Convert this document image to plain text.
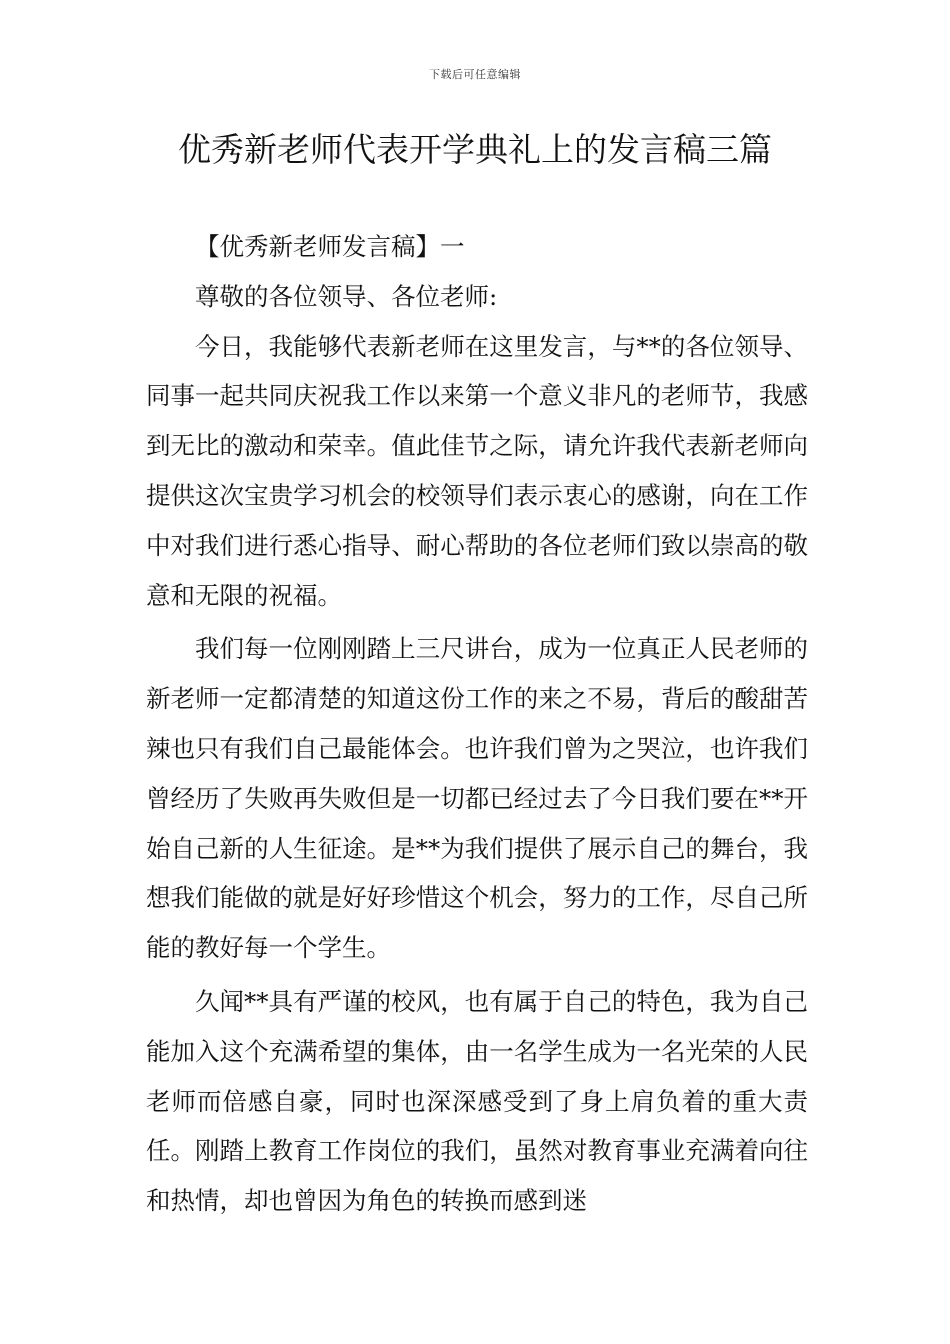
下载后可任意编辑
优秀新老师代表开学典礼上的发言稿三篇

【优秀新老师发言稿】一

尊敬的各位领导、各位老师:

今日，我能够代表新老师在这里发言，与**的各位领导、同事一起共同庆祝我工作以来第一个意义非凡的老师节，我感到无比的激动和荣幸。值此佳节之际，请允许我代表新老师向提供这次宝贵学习机会的校领导们表示衷心的感谢，向在工作中对我们进行悉心指导、耐心帮助的各位老师们致以崇高的敬意和无限的祝福。

我们每一位刚刚踏上三尺讲台，成为一位真正人民老师的新老师一定都清楚的知道这份工作的来之不易，背后的酸甜苦辣也只有我们自己最能体会。也许我们曾为之哭泣，也许我们曾经历了失败再失败但是一切都已经过去了今日我们要在**开始自己新的人生征途。是**为我们提供了展示自己的舞台，我想我们能做的就是好好珍惜这个机会，努力的工作，尽自己所能的教好每一个学生。

久闻**具有严谨的校风，也有属于自己的特色，我为自己能加入这个充满希望的集体，由一名学生成为一名光荣的人民老师而倍感自豪，同时也深深感受到了身上肩负着的重大责任。刚踏上教育工作岗位的我们，虽然对教育事业充满着向往和热情，却也曾因为角色的转换而感到迷
